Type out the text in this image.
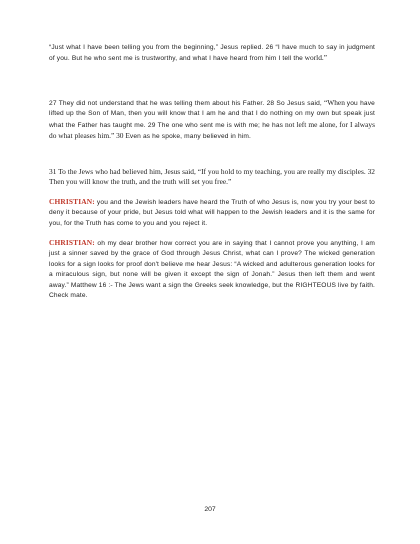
“Just what I have been telling you from the beginning,” Jesus replied. 26 “I have much to say in judgment of you. But he who sent me is trustworthy, and what I have heard from him I tell the world.”
27 They did not understand that he was telling them about his Father. 28 So Jesus said, “When you have lifted up the Son of Man, then you will know that I am he and that I do nothing on my own but speak just what the Father has taught me. 29 The one who sent me is with me; he has not left me alone, for I always do what pleases him.” 30 Even as he spoke, many believed in him.
31 To the Jews who had believed him, Jesus said, “If you hold to my teaching, you are really my disciples. 32 Then you will know the truth, and the truth will set you free.”
CHRISTIAN: you and the Jewish leaders have heard the Truth of who Jesus is, now you try your best to deny it because of your pride, but Jesus told what will happen to the Jewish leaders and it is the same for you, for the Truth has come to you and you reject it.
CHRISTIAN: oh my dear brother how correct you are in saying that I cannot prove you anything, I am just a sinner saved by the grace of God through Jesus Christ, what can I prove? The wicked generation looks for a sign looks for proof don't believe me hear Jesus: “A wicked and adulterous generation looks for a miraculous sign, but none will be given it except the sign of Jonah.” Jesus then left them and went away.” Matthew 16 :- The Jews want a sign the Greeks seek knowledge, but the RIGHTEOUS live by faith. Check mate.
207
